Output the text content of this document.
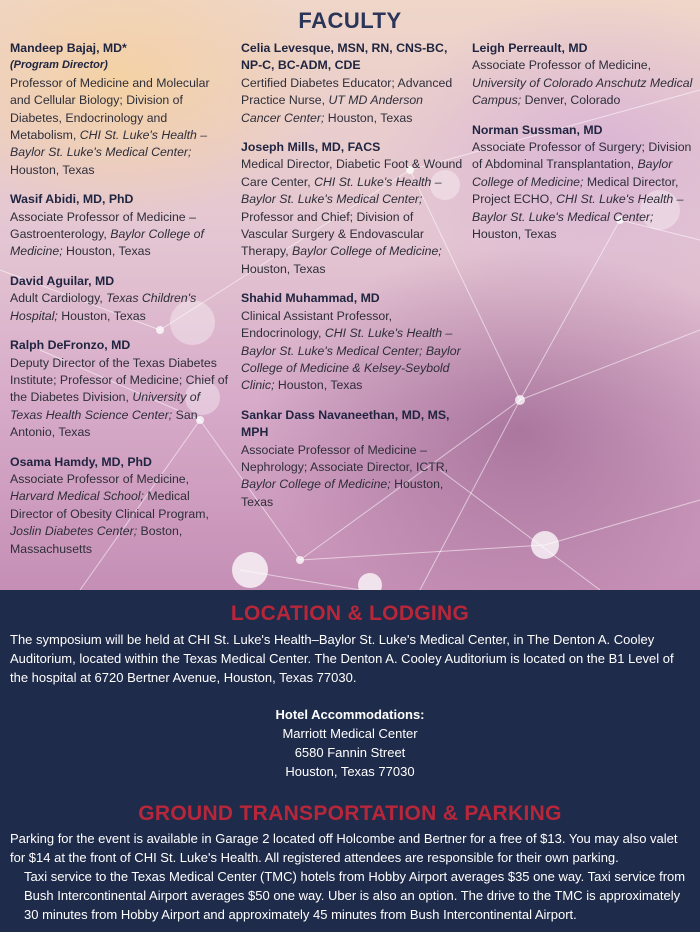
FACULTY
Mandeep Bajaj, MD*
(Program Director)
Professor of Medicine and Molecular and Cellular Biology; Division of Diabetes, Endocrinology and Metabolism, CHI St. Luke's Health – Baylor St. Luke's Medical Center; Houston, Texas
Wasif Abidi, MD, PhD
Associate Professor of Medicine – Gastroenterology, Baylor College of Medicine; Houston, Texas
David Aguilar, MD
Adult Cardiology, Texas Children's Hospital; Houston, Texas
Ralph DeFronzo, MD
Deputy Director of the Texas Diabetes Institute; Professor of Medicine; Chief of the Diabetes Division, University of Texas Health Science Center; San Antonio, Texas
Osama Hamdy, MD, PhD
Associate Professor of Medicine, Harvard Medical School; Medical Director of Obesity Clinical Program, Joslin Diabetes Center; Boston, Massachusetts
Celia Levesque, MSN, RN, CNS-BC, NP-C, BC-ADM, CDE
Certified Diabetes Educator; Advanced Practice Nurse, UT MD Anderson Cancer Center; Houston, Texas
Joseph Mills, MD, FACS
Medical Director, Diabetic Foot & Wound Care Center, CHI St. Luke's Health – Baylor St. Luke's Medical Center; Professor and Chief; Division of Vascular Surgery & Endovascular Therapy, Baylor College of Medicine; Houston, Texas
Shahid Muhammad, MD
Clinical Assistant Professor, Endocrinology, CHI St. Luke's Health – Baylor St. Luke's Medical Center; Baylor College of Medicine & Kelsey-Seybold Clinic; Houston, Texas
Sankar Dass Navaneethan, MD, MS, MPH
Associate Professor of Medicine – Nephrology; Associate Director, ICTR, Baylor College of Medicine; Houston, Texas
Leigh Perreault, MD
Associate Professor of Medicine, University of Colorado Anschutz Medical Campus; Denver, Colorado
Norman Sussman, MD
Associate Professor of Surgery; Division of Abdominal Transplantation, Baylor College of Medicine; Medical Director, Project ECHO, CHI St. Luke's Health – Baylor St. Luke's Medical Center; Houston, Texas
LOCATION & LODGING
The symposium will be held at CHI St. Luke's Health–Baylor St. Luke's Medical Center, in The Denton A. Cooley Auditorium, located within the Texas Medical Center. The Denton A. Cooley Auditorium is located on the B1 Level of the hospital at 6720 Bertner Avenue, Houston, Texas 77030.
Hotel Accommodations:
Marriott Medical Center
6580 Fannin Street
Houston, Texas 77030
GROUND TRANSPORTATION & PARKING
Parking for the event is available in Garage 2 located off Holcombe and Bertner for a free of $13. You may also valet for $14 at the front of CHI St. Luke's Health. All registered attendees are responsible for their own parking.
Taxi service to the Texas Medical Center (TMC) hotels from Hobby Airport averages $35 one way. Taxi service from Bush Intercontinental Airport averages $50 one way. Uber is also an option. The drive to the TMC is approximately 30 minutes from Hobby Airport and approximately 45 minutes from Bush Intercontinental Airport.
